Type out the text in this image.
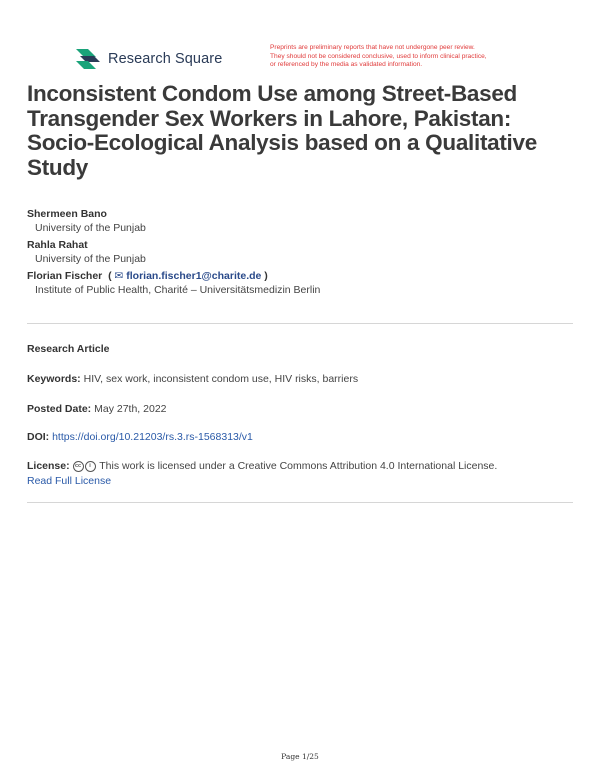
Research Square
Preprints are preliminary reports that have not undergone peer review.
They should not be considered conclusive, used to inform clinical practice,
or referenced by the media as validated information.
Inconsistent Condom Use among Street-Based Transgender Sex Workers in Lahore, Pakistan: Socio-Ecological Analysis based on a Qualitative Study
Shermeen Bano
University of the Punjab
Rahla Rahat
University of the Punjab
Florian Fischer  ( ✉ florian.fischer1@charite.de )
Institute of Public Health, Charité – Universitätsmedizin Berlin
Research Article
Keywords: HIV, sex work, inconsistent condom use, HIV risks, barriers
Posted Date: May 27th, 2022
DOI: https://doi.org/10.21203/rs.3.rs-1568313/v1
License: cc i This work is licensed under a Creative Commons Attribution 4.0 International License.
Read Full License
Page 1/25
